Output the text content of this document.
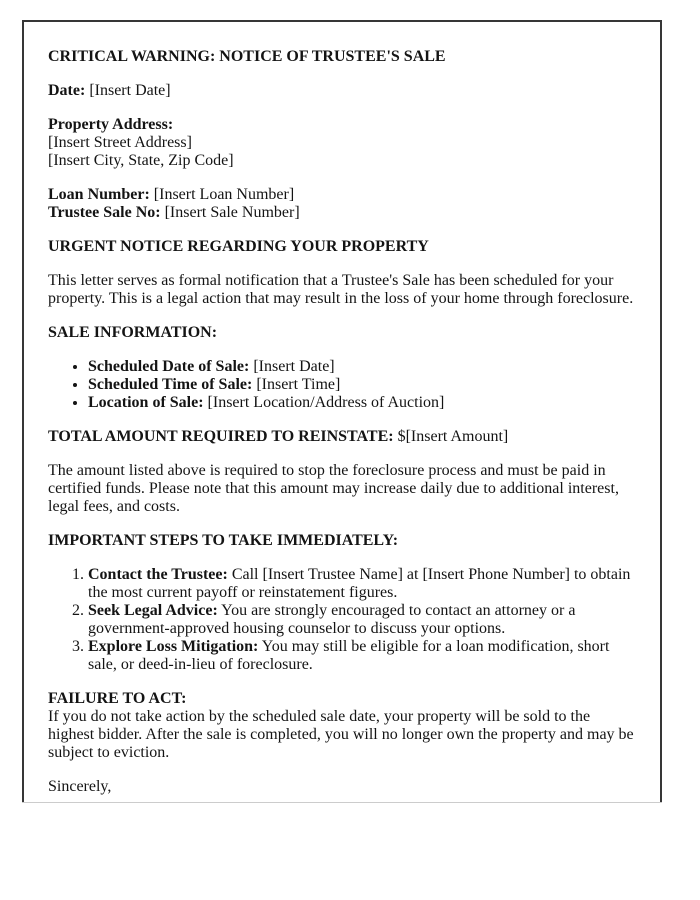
CRITICAL WARNING: NOTICE OF TRUSTEE'S SALE

Date: [Insert Date]

Property Address:
[Insert Street Address]
[Insert City, State, Zip Code]

Loan Number: [Insert Loan Number]
Trustee Sale No: [Insert Sale Number]

URGENT NOTICE REGARDING YOUR PROPERTY

This letter serves as formal notification that a Trustee's Sale has been scheduled for your property. This is a legal action that may result in the loss of your home through foreclosure.

SALE INFORMATION:

• Scheduled Date of Sale: [Insert Date]
• Scheduled Time of Sale: [Insert Time]
• Location of Sale: [Insert Location/Address of Auction]

TOTAL AMOUNT REQUIRED TO REINSTATE: $[Insert Amount]

The amount listed above is required to stop the foreclosure process and must be paid in certified funds. Please note that this amount may increase daily due to additional interest, legal fees, and costs.

IMPORTANT STEPS TO TAKE IMMEDIATELY:

1. Contact the Trustee: Call [Insert Trustee Name] at [Insert Phone Number] to obtain the most current payoff or reinstatement figures.
2. Seek Legal Advice: You are strongly encouraged to contact an attorney or a government-approved housing counselor to discuss your options.
3. Explore Loss Mitigation: You may still be eligible for a loan modification, short sale, or deed-in-lieu of foreclosure.

FAILURE TO ACT:
If you do not take action by the scheduled sale date, your property will be sold to the highest bidder. After the sale is completed, you will no longer own the property and may be subject to eviction.

Sincerely,
